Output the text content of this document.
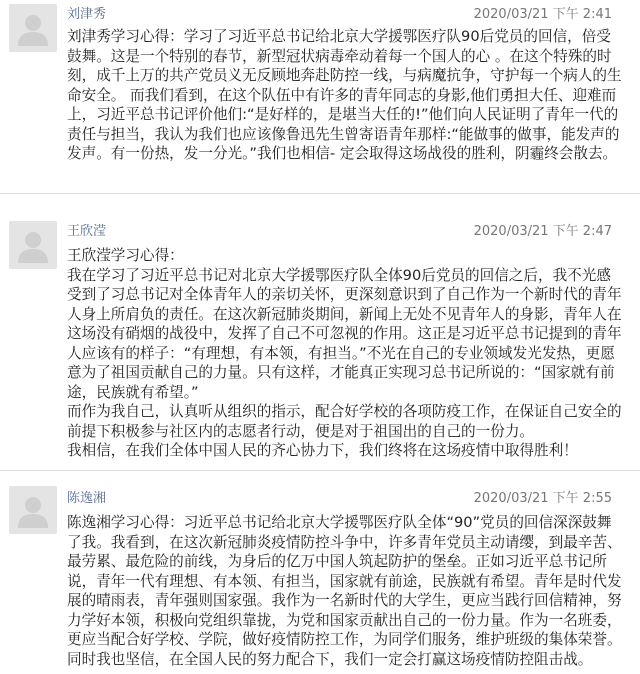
刘津秀	2020/03/21 下午 2:41
刘津秀学习心得：学习了习近平总书记给北京大学援鄂医疗队90后党员的回信，倍受鼓舞。这是一个特别的春节，新型冠状病毒牵动着每一个国人的心 。在这个特殊的时刻，成千上万的共产党员义无反顾地奔赴防控一线，与病魔抗争，守护每一个病人的生命安全。 而我们看到，在这个队伍中有许多的青年同志的身影,他们勇担大任、迎难而上，习近平总书记评价他们:“是好样的，是堪当大任的!”他们向人民证明了青年一代的责任与担当，我认为我们也应该像鲁迅先生曾寄语青年那样:“能做事的做事，能发声的发声。有一份热，发一分光。”我们也相信- 定会取得这场战役的胜利，阴霾终会散去。
王欣滢	2020/03/21 下午 2:47
王欣滢学习心得：
我在学习了习近平总书记对北京大学援鄂医疗队全体90后党员的回信之后，我不光感受到了习总书记对全体青年人的亲切关怀，更深刻意识到了自己作为一个新时代的青年人身上所肩负的责任。在这次新冠肺炎期间，新闻上无处不见青年人的身影，青年人在这场没有硝烟的战役中，发挥了自己不可忽视的作用。这正是习近平总书记提到的青年人应该有的样子：“有理想，有本领，有担当。”不光在自己的专业领域发光发热，更愿意为了祖国贡献自己的力量。只有这样，才能真正实现习总书记所说的：“国家就有前途，民族就有希望。”
而作为我自己，认真听从组织的指示，配合好学校的各项防疫工作，在保证自己安全的前提下积极参与社区内的志愿者行动，便是对于祖国出的自己的一份力。
我相信，在我们全体中国人民的齐心协力下，我们终将在这场疫情中取得胜利！
陈逸湘	2020/03/21 下午 2:55
陈逸湘学习心得：习近平总书记给北京大学援鄂医疗队全体“90”党员的回信深深鼓舞了我。我看到，在这次新冠肺炎疫情防控斗争中，许多青年党员主动请缨，到最辛苦、最劳累、最危险的前线，为身后的亿万中国人筑起防护的堡垒。正如习近平总书记所说，青年一代有理想、有本领、有担当，国家就有前途，民族就有希望。青年是时代发展的晴雨表，青年强则国家强。我作为一名新时代的大学生，更应当践行回信精神，努力学好本领，积极向党组织靠拢，为党和国家贡献出自己的一份力量。作为一名班委，更应当配合好学校、学院，做好疫情防控工作，为同学们服务，维护班级的集体荣誉。同时我也坚信，在全国人民的努力配合下，我们一定会打赢这场疫情防控阻击战。
